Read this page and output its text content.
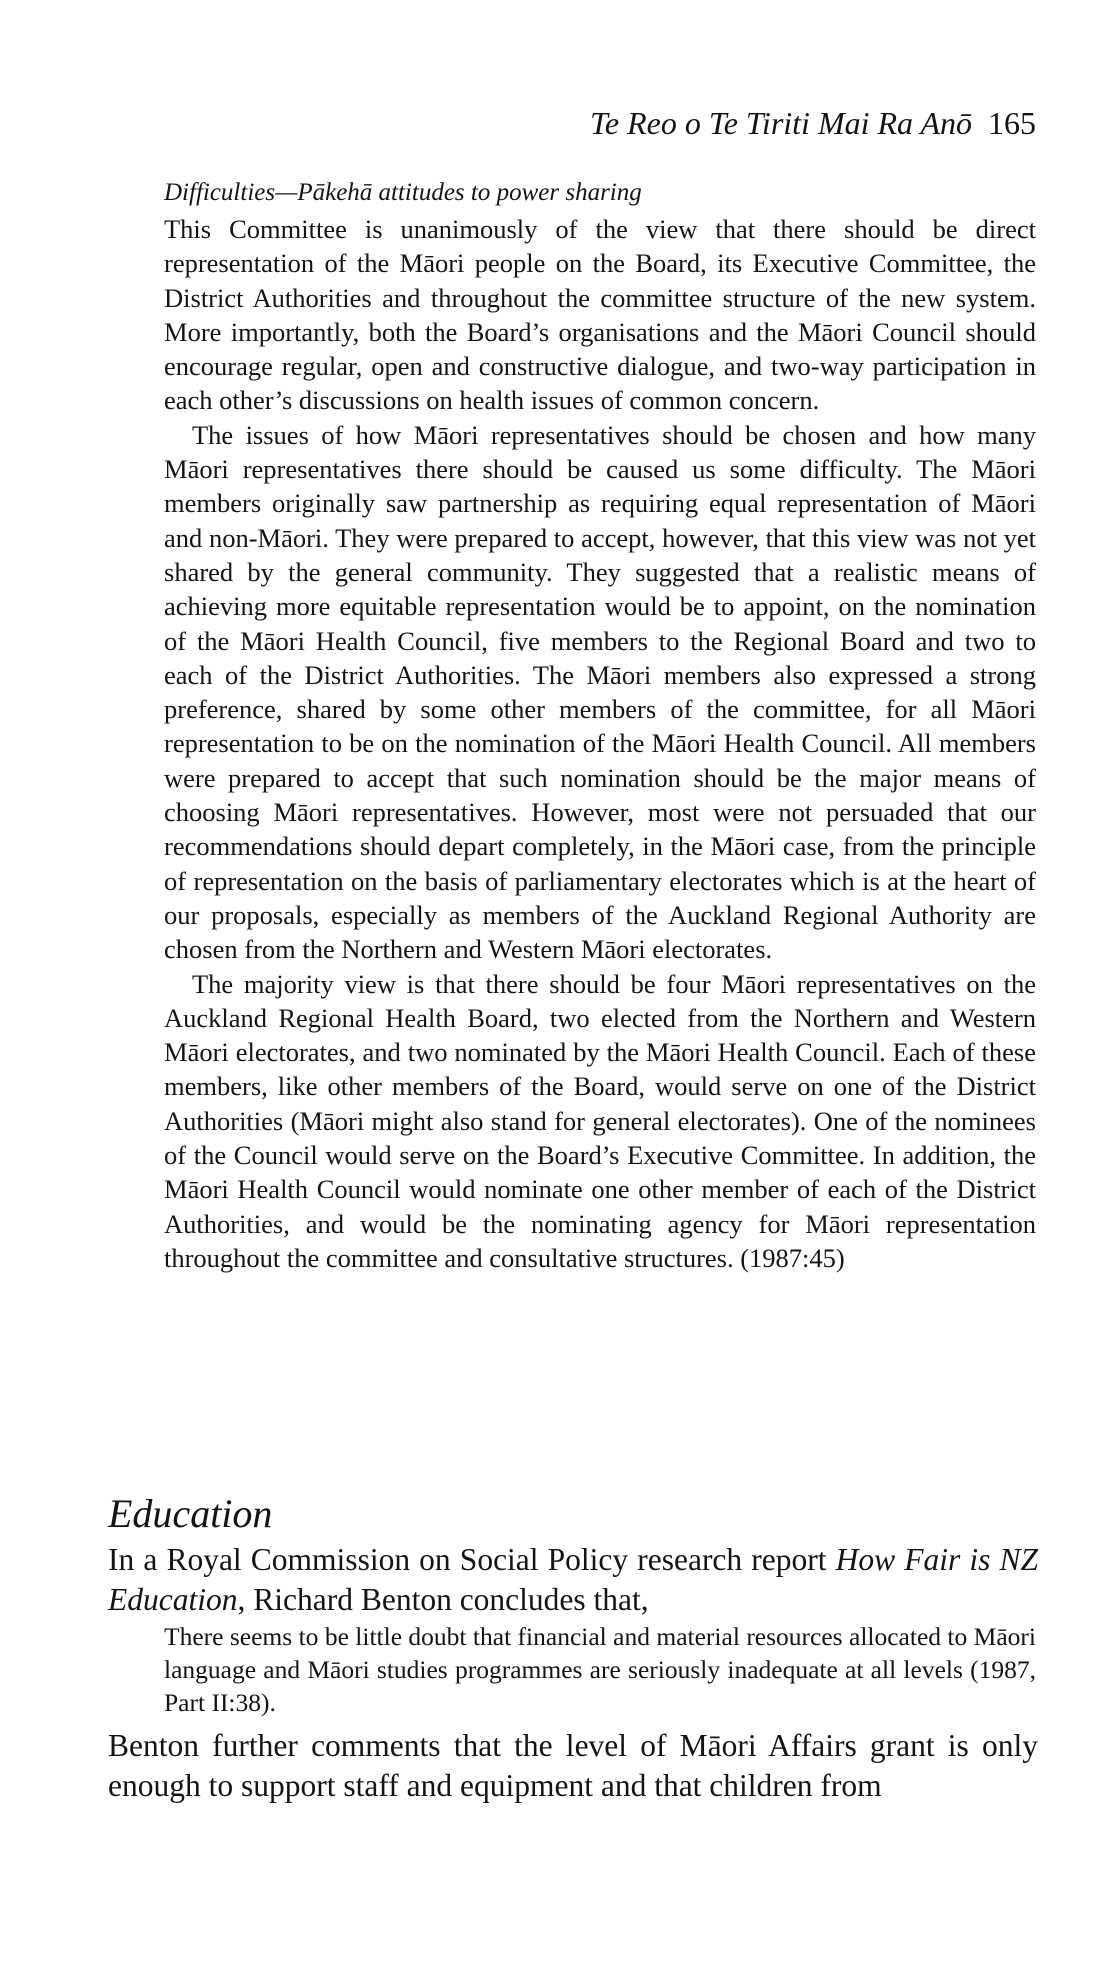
Te Reo o Te Tiriti Mai Ra Anō 165
Difficulties—Pākehā attitudes to power sharing

This Committee is unanimously of the view that there should be direct representation of the Māori people on the Board, its Executive Committee, the District Authorities and throughout the committee structure of the new system. More importantly, both the Board’s organisations and the Māori Council should encourage regular, open and constructive dialogue, and two-way participation in each other’s discussions on health issues of common concern.

The issues of how Māori representatives should be chosen and how many Māori representatives there should be caused us some difficulty. The Māori members originally saw partnership as requiring equal representation of Māori and non-Māori. They were prepared to accept, however, that this view was not yet shared by the general community. They suggested that a realistic means of achieving more equitable representation would be to appoint, on the nomination of the Māori Health Council, five members to the Regional Board and two to each of the District Authorities. The Māori members also expressed a strong preference, shared by some other members of the committee, for all Māori representation to be on the nomination of the Māori Health Council. All members were prepared to accept that such nomination should be the major means of choosing Māori representatives. However, most were not persuaded that our recommendations should depart completely, in the Māori case, from the principle of representation on the basis of parliamentary electorates which is at the heart of our proposals, especially as members of the Auckland Regional Authority are chosen from the Northern and Western Māori electorates.

The majority view is that there should be four Māori representatives on the Auckland Regional Health Board, two elected from the Northern and Western Māori electorates, and two nominated by the Māori Health Council. Each of these members, like other members of the Board, would serve on one of the District Authorities (Māori might also stand for general electorates). One of the nominees of the Council would serve on the Board’s Executive Committee. In addition, the Māori Health Council would nominate one other member of each of the District Authorities, and would be the nominating agency for Māori representation throughout the committee and consultative structures. (1987:45)

Education

In a Royal Commission on Social Policy research report How Fair is NZ Education, Richard Benton concludes that,

There seems to be little doubt that financial and material resources allocated to Māori language and Māori studies programmes are seriously inadequate at all levels (1987, Part II:38).

Benton further comments that the level of Māori Affairs grant is only enough to support staff and equipment and that children from
